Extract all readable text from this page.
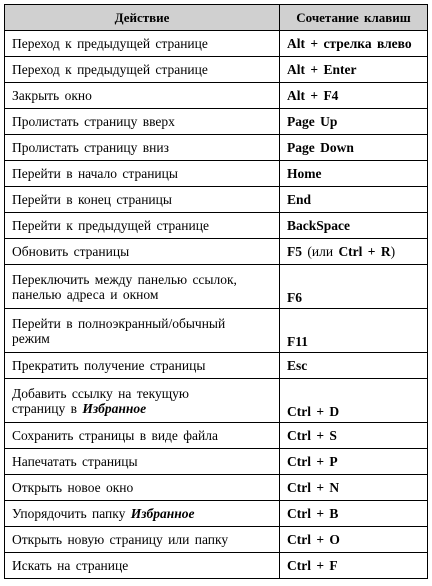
Действие	Сочетание клавиш
Переход к предыдущей странице	Alt + стрелка влево
Переход к предыдущей странице	Alt + Enter
Закрыть окно	Alt + F4
Пролистать страницу вверх	Page Up
Пролистать страницу вниз	Page Down
Перейти в начало страницы	Home
Перейти в конец страницы	End
Перейти к предыдущей странице	BackSpace
Обновить страницы	F5 (или Ctrl + R)
Переключить между панелью ссылок,
панелью адреса и окном	F6
Перейти в полноэкранный/обычный
режим	F11
Прекратить получение страницы	Esc
Добавить ссылку на текущую
страницу в Избранное	Ctrl + D
Сохранить страницы в виде файла	Ctrl + S
Напечатать страницы	Ctrl + P
Открыть новое окно	Ctrl + N
Упорядочить папку Избранное	Ctrl + B
Открыть новую страницу или папку	Ctrl + O
Искать на странице	Ctrl + F
